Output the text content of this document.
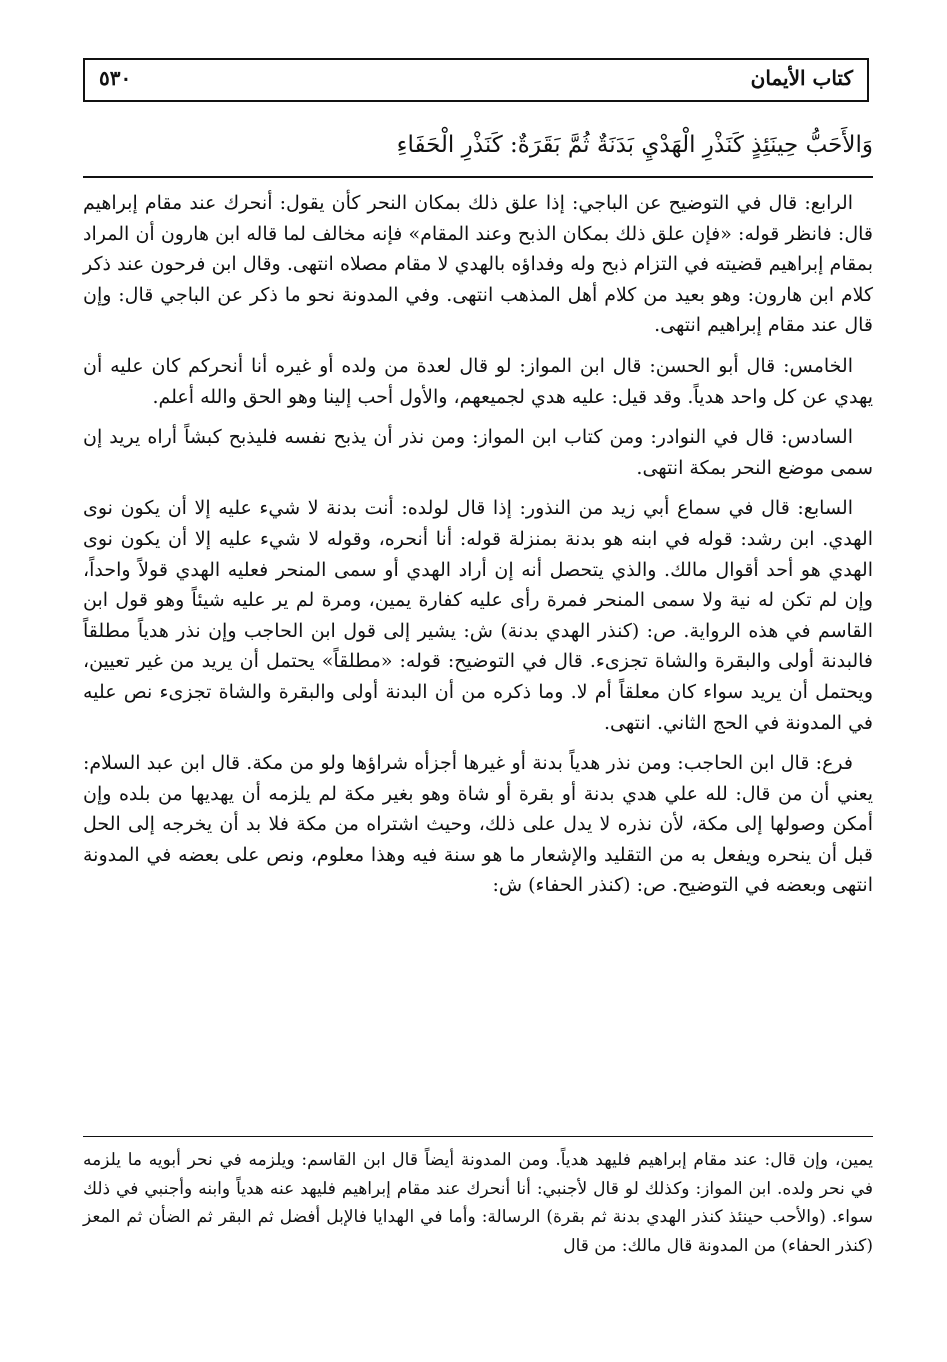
كتاب الأيمان
٥٣٠
وَالأَحَبُّ حِينَئِذٍ كَنَذْرِ الْهَدْيِ بَدَنَةٌ ثُمَّ بَقَرَةٌ: كَنَذْرِ الْحَفَاءِ

الرابع: قال في التوضيح عن الباجي: إذا علق ذلك بمكان النحر كأن يقول: أنحرك عند مقام إبراهيم قال: فانظر قوله: «فإن علق ذلك بمكان الذبح وعند المقام» فإنه مخالف لما قاله ابن هارون أن المراد بمقام إبراهيم قضيته في التزام ذبح وله وفداؤه بالهدي لا مقام مصلاه انتهى. وقال ابن فرحون عند ذكر كلام ابن هارون: وهو بعيد من كلام أهل المذهب انتهى. وفي المدونة نحو ما ذكر عن الباجي قال: وإن قال عند مقام إبراهيم انتهى.

الخامس: قال أبو الحسن: قال ابن المواز: لو قال لعدة من ولده أو غيره أنا أنحركم كان عليه أن يهدي عن كل واحد هدياً. وقد قيل: عليه هدي لجميعهم، والأول أحب إلينا وهو الحق والله أعلم.

السادس: قال في النوادر: ومن كتاب ابن المواز: ومن نذر أن يذبح نفسه فليذبح كبشاً أراه يريد إن سمى موضع النحر بمكة انتهى.

السابع: قال في سماع أبي زيد من النذور: إذا قال لولده: أنت بدنة لا شيء عليه إلا أن يكون نوى الهدي. ابن رشد: قوله في ابنه هو بدنة بمنزلة قوله: أنا أنحره، وقوله لا شيء عليه إلا أن يكون نوى الهدي هو أحد أقوال مالك. والذي يتحصل أنه إن أراد الهدي أو سمى المنحر فعليه الهدي قولاً واحداً، وإن لم تكن له نية ولا سمى المنحر فمرة رأى عليه كفارة يمين، ومرة لم ير عليه شيئاً وهو قول ابن القاسم في هذه الرواية. ص: (كنذر الهدي بدنة) ش: يشير إلى قول ابن الحاجب وإن نذر هدياً مطلقاً فالبدنة أولى والبقرة والشاة تجزىء. قال في التوضيح: قوله: «مطلقاً» يحتمل أن يريد من غير تعيين، ويحتمل أن يريد سواء كان معلقاً أم لا. وما ذكره من أن البدنة أولى والبقرة والشاة تجزىء نص عليه في المدونة في الحج الثاني. انتهى.

فرع: قال ابن الحاجب: ومن نذر هدياً بدنة أو غيرها أجزأه شراؤها ولو من مكة. قال ابن عبد السلام: يعني أن من قال: لله علي هدي بدنة أو بقرة أو شاة وهو بغير مكة لم يلزمه أن يهديها من بلده وإن أمكن وصولها إلى مكة، لأن نذره لا يدل على ذلك، وحيث اشتراه من مكة فلا بد أن يخرجه إلى الحل قبل أن ينحره ويفعل به من التقليد والإشعار ما هو سنة فيه وهذا معلوم، ونص على بعضه في المدونة انتهى وبعضه في التوضيح. ص: (كنذر الحفاء) ش:

يمين، وإن قال: عند مقام إبراهيم فليهد هدياً. ومن المدونة أيضاً قال ابن القاسم: ويلزمه في نحر أبويه ما يلزمه في نحر ولده. ابن المواز: وكذلك لو قال لأجنبي: أنا أنحرك عند مقام إبراهيم فليهد عنه هدياً وابنه وأجنبي في ذلك سواء. (والأحب حينئذ كنذر الهدي بدنة ثم بقرة) الرسالة: وأما في الهدايا فالإبل أفضل ثم البقر ثم الضأن ثم المعز (كنذر الحفاء) من المدونة قال مالك: من قال
